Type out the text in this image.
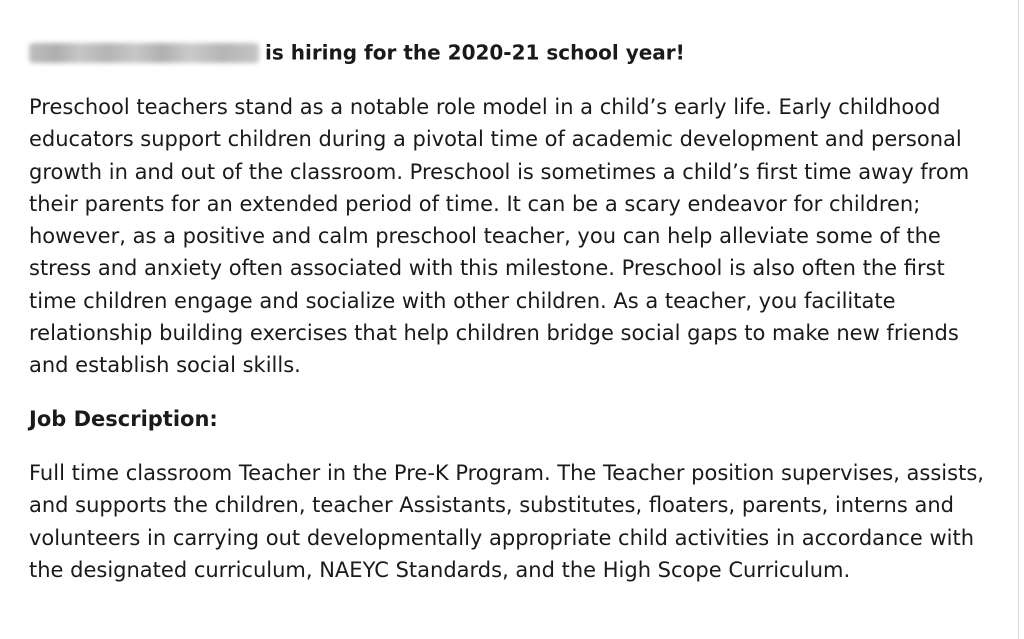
is hiring for the 2020-21 school year!

Preschool teachers stand as a notable role model in a child’s early life. Early childhood educators support children during a pivotal time of academic development and personal growth in and out of the classroom. Preschool is sometimes a child’s first time away from their parents for an extended period of time. It can be a scary endeavor for children; however, as a positive and calm preschool teacher, you can help alleviate some of the stress and anxiety often associated with this milestone. Preschool is also often the first time children engage and socialize with other children. As a teacher, you facilitate relationship building exercises that help children bridge social gaps to make new friends and establish social skills.

Job Description:

Full time classroom Teacher in the Pre-K Program. The Teacher position supervises, assists, and supports the children, teacher Assistants, substitutes, floaters, parents, interns and volunteers in carrying out developmentally appropriate child activities in accordance with the designated curriculum, NAEYC Standards, and the High Scope Curriculum.
